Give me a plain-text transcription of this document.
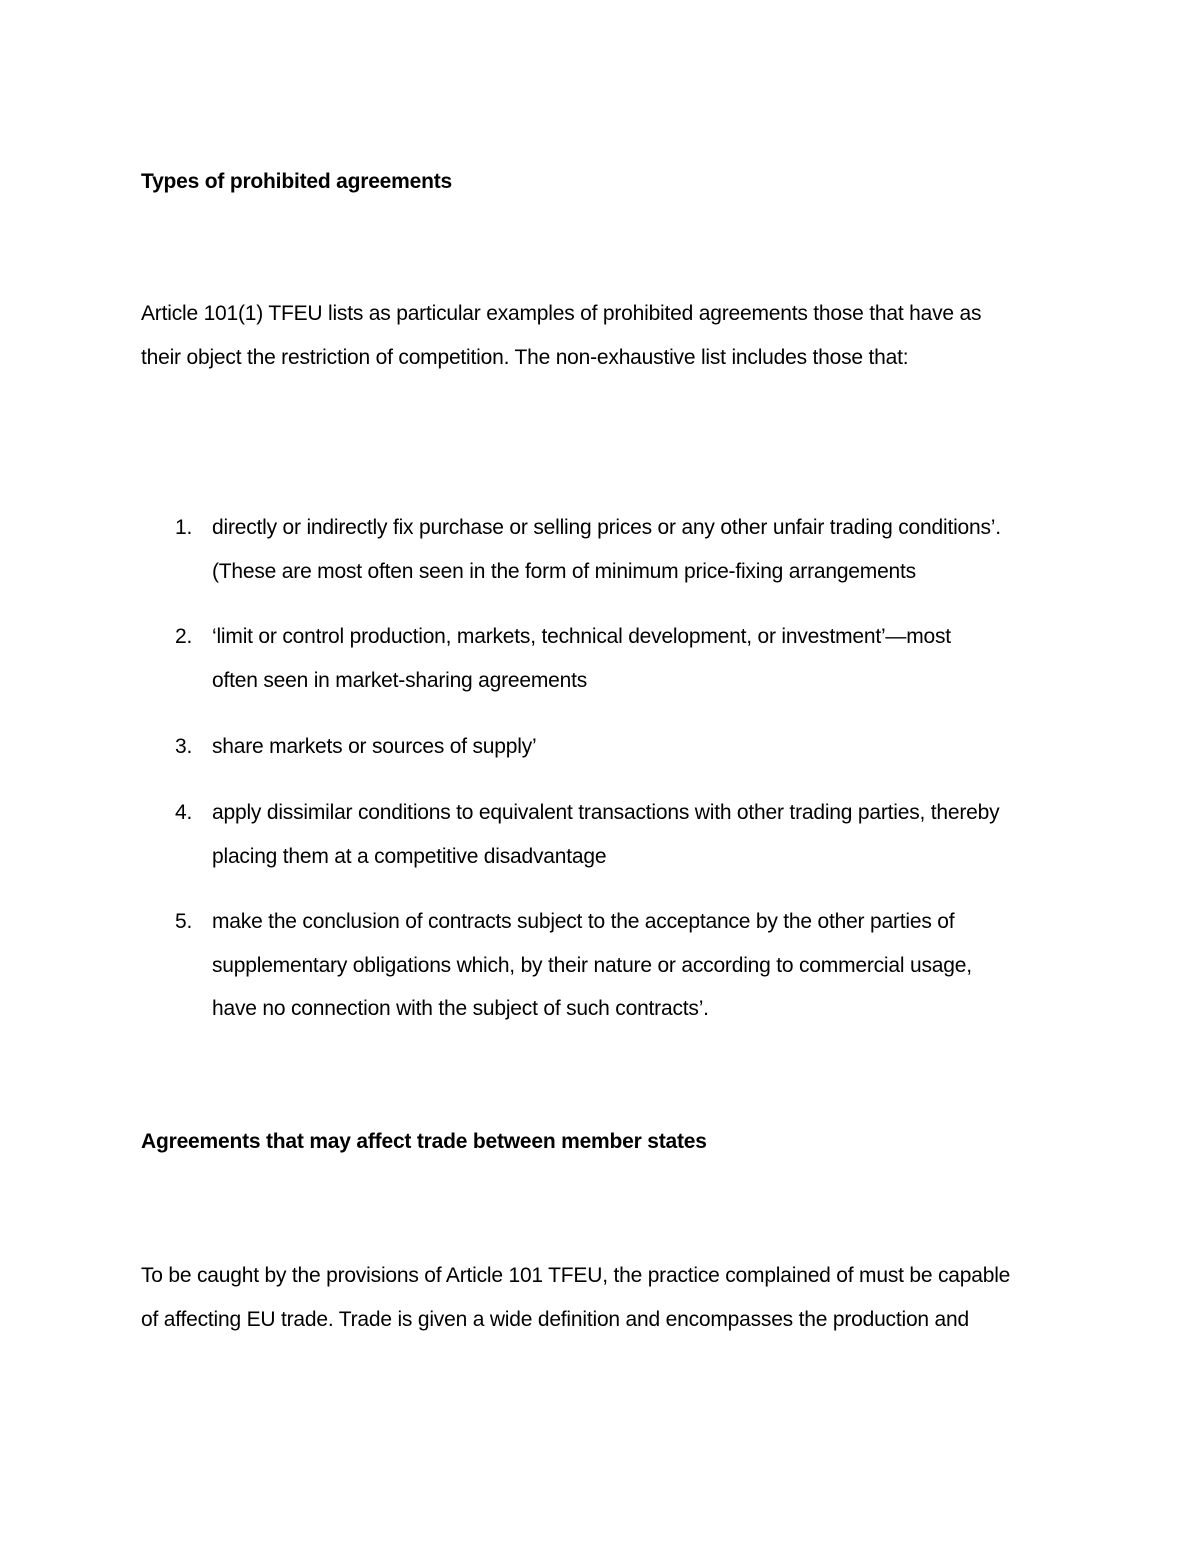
Types of prohibited agreements
Article 101(1) TFEU lists as particular examples of prohibited agreements those that have as
their object the restriction of competition. The non-exhaustive list includes those that:
1. directly or indirectly fix purchase or selling prices or any other unfair trading conditions’.
(These are most often seen in the form of minimum price-fixing arrangements
2. ‘limit or control production, markets, technical development, or investment’—most
often seen in market-sharing agreements
3. share markets or sources of supply’
4. apply dissimilar conditions to equivalent transactions with other trading parties, thereby
placing them at a competitive disadvantage
5. make the conclusion of contracts subject to the acceptance by the other parties of
supplementary obligations which, by their nature or according to commercial usage,
have no connection with the subject of such contracts’.
Agreements that may affect trade between member states
To be caught by the provisions of Article 101 TFEU, the practice complained of must be capable
of affecting EU trade. Trade is given a wide definition and encompasses the production and
